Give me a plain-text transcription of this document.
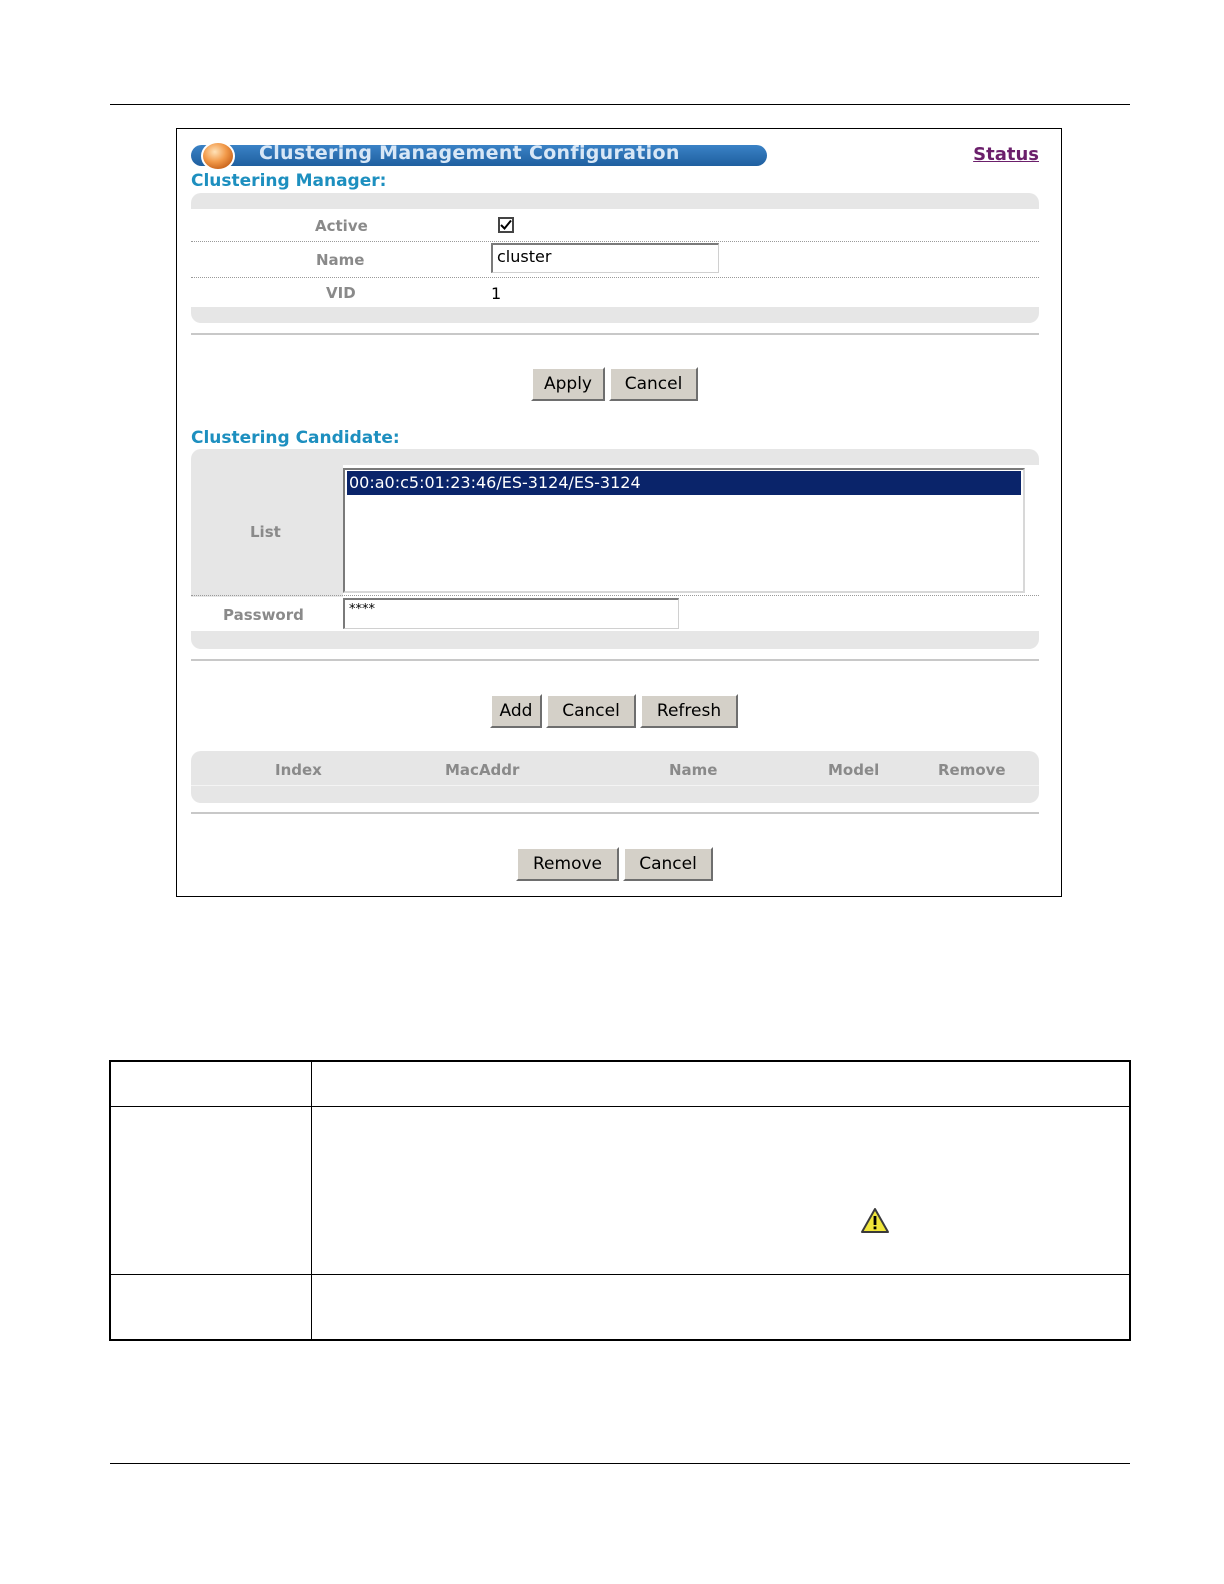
Clustering Management Configuration	Status
Clustering Manager:
Active
Name	cluster
VID	1
Apply	Cancel
Clustering Candidate:
List
00:a0:c5:01:23:46/ES-3124/ES-3124
Password	****
Add	Cancel	Refresh
Index	MacAddr	Name	Model	Remove
Remove	Cancel
